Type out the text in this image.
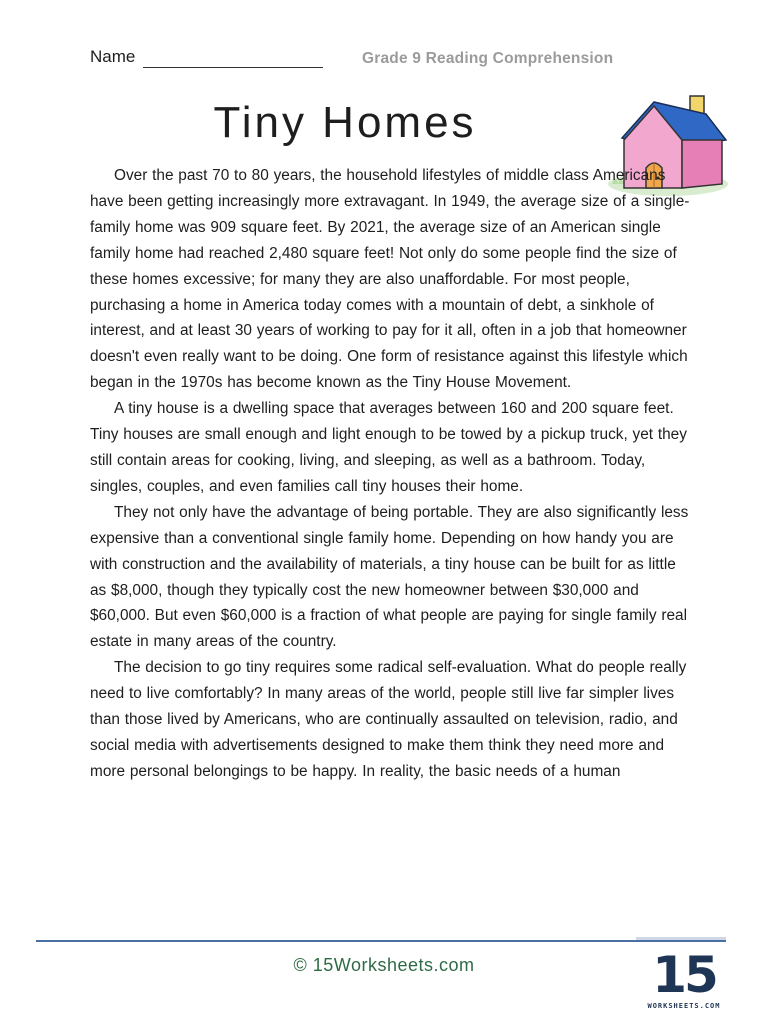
Name	Grade 9 Reading Comprehension
Tiny Homes

Over the past 70 to 80 years, the household lifestyles of middle class Americans have been getting increasingly more extravagant. In 1949, the average size of a single-family home was 909 square feet. By 2021, the average size of an American single family home had reached 2,480 square feet! Not only do some people find the size of these homes excessive; for many they are also unaffordable. For most people, purchasing a home in America today comes with a mountain of debt, a sinkhole of interest, and at least 30 years of working to pay for it all, often in a job that homeowner doesn't even really want to be doing. One form of resistance against this lifestyle which began in the 1970s has become known as the Tiny House Movement.

A tiny house is a dwelling space that averages between 160 and 200 square feet. Tiny houses are small enough and light enough to be towed by a pickup truck, yet they still contain areas for cooking, living, and sleeping, as well as a bathroom. Today, singles, couples, and even families call tiny houses their home.

They not only have the advantage of being portable. They are also significantly less expensive than a conventional single family home. Depending on how handy you are with construction and the availability of materials, a tiny house can be built for as little as $8,000, though they typically cost the new homeowner between $30,000 and $60,000. But even $60,000 is a fraction of what people are paying for single family real estate in many areas of the country.

The decision to go tiny requires some radical self-evaluation. What do people really need to live comfortably? In many areas of the world, people still live far simpler lives than those lived by Americans, who are continually assaulted on television, radio, and social media with advertisements designed to make them think they need more and more personal belongings to be happy. In reality, the basic needs of a human

© 15Worksheets.com	15
WORKSHEETS.COM
